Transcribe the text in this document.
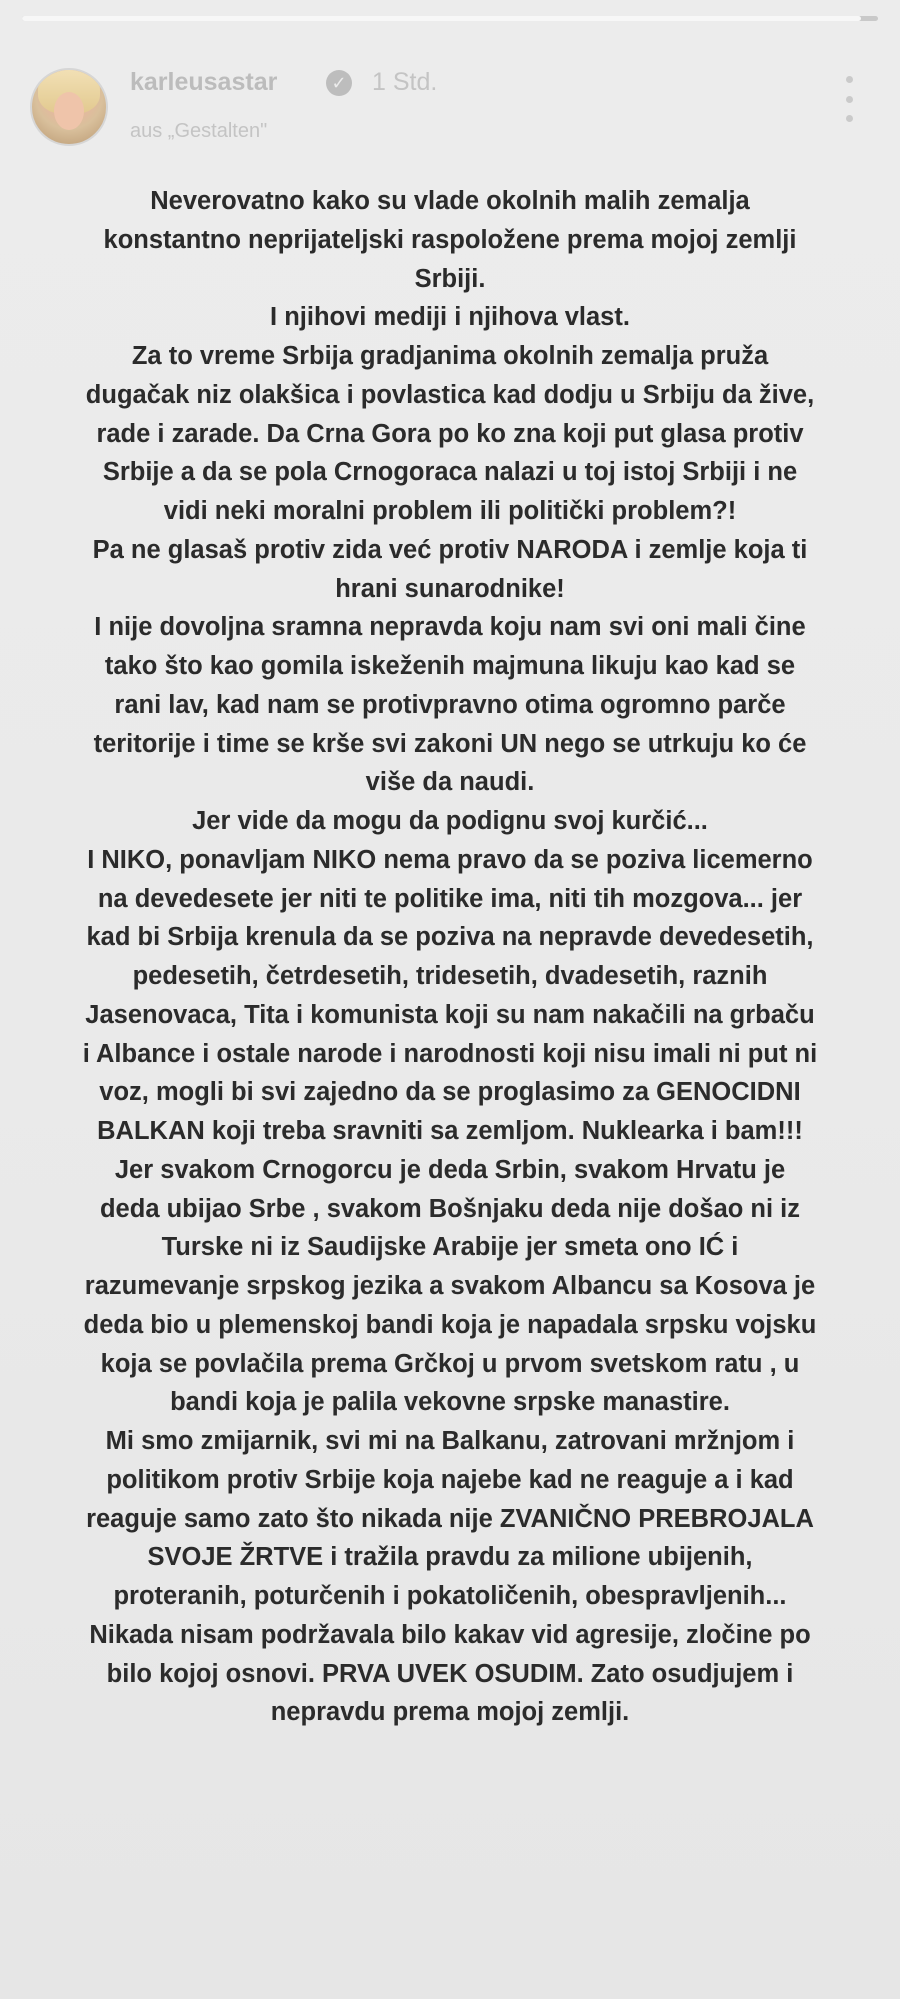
karleusastar	✓ 1 Std.
aus „Gestalten"
Neverovatno kako su vlade okolnih malih zemalja
konstantno neprijateljski raspoložene prema mojoj zemlji
Srbiji.
I njihovi mediji i njihova vlast.
Za to vreme Srbija gradjanima okolnih zemalja pruža
dugačak niz olakšica i povlastica kad dodju u Srbiju da žive,
rade i zarade. Da Crna Gora po ko zna koji put glasa protiv
Srbije a da se pola Crnogoraca nalazi u toj istoj Srbiji i ne
vidi neki moralni problem ili politički problem?!
Pa ne glasaš protiv zida već protiv NARODA i zemlje koja ti
hrani sunarodnike!
I nije dovoljna sramna nepravda koju nam svi oni mali čine
tako što kao gomila iskeženih majmuna likuju kao kad se
rani lav, kad nam se protivpravno otima ogromno parče
teritorije i time se krše svi zakoni UN nego se utrkuju ko će
više da naudi.
Jer vide da mogu da podignu svoj kurčić...
I NIKO, ponavljam NIKO nema pravo da se poziva licemerno
na devedesete jer niti te politike ima, niti tih mozgova... jer
kad bi Srbija krenula da se poziva na nepravde devedesetih,
pedesetih, četrdesetih, tridesetih, dvadesetih, raznih
Jasenovaca, Tita i komunista koji su nam nakačili na grbaču
i Albance i ostale narode i narodnosti koji nisu imali ni put ni
voz, mogli bi svi zajedno da se proglasimo za GENOCIDNI
BALKAN koji treba sravniti sa zemljom. Nuklearka i bam!!!
Jer svakom Crnogorcu je deda Srbin, svakom Hrvatu je
deda ubijao Srbe , svakom Bošnjaku deda nije došao ni iz
Turske ni iz Saudijske Arabije jer smeta ono IĆ i
razumevanje srpskog jezika a svakom Albancu sa Kosova je
deda bio u plemenskoj bandi koja je napadala srpsku vojsku
koja se povlačila prema Grčkoj u prvom svetskom ratu , u
bandi koja je palila vekovne srpske manastire.
Mi smo zmijarnik, svi mi na Balkanu, zatrovani mržnjom i
politikom protiv Srbije koja najebe kad ne reaguje a i kad
reaguje samo zato što nikada nije ZVANIČNO PREBROJALA
SVOJE ŽRTVE i tražila pravdu za milione ubijenih,
proteranih, poturčenih i pokatoličenih, obespravljenih...
Nikada nisam podržavala bilo kakav vid agresije, zločine po
bilo kojoj osnovi. PRVA UVEK OSUDIM. Zato osudjujem i
nepravdu prema mojoj zemlji.
